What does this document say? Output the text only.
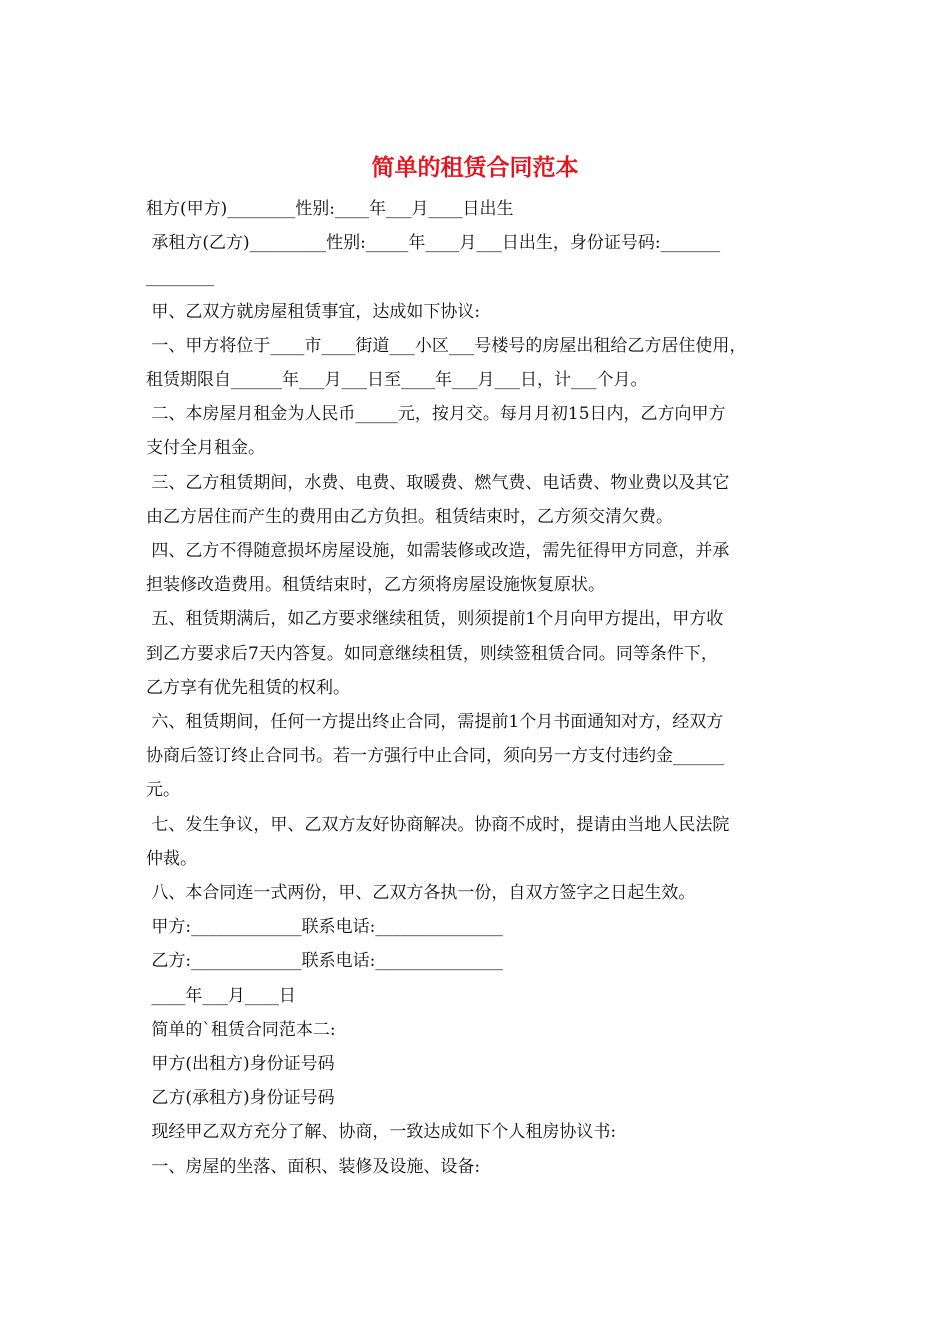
简单的租赁合同范本

租方(甲方)________性别:____年___月____日出生

承租方(乙方)_________性别:_____年____月___日出生，身份证号码:_______

________

甲、乙双方就房屋租赁事宜，达成如下协议:

一、甲方将位于____市____街道___小区___号楼号的房屋出租给乙方居住使用，

租赁期限自______年___月___日至____年___月___日，计___个月。

二、本房屋月租金为人民币_____元，按月交。每月月初15日内，乙方向甲方

支付全月租金。

三、乙方租赁期间，水费、电费、取暖费、燃气费、电话费、物业费以及其它

由乙方居住而产生的费用由乙方负担。租赁结束时，乙方须交清欠费。

四、乙方不得随意损坏房屋设施，如需装修或改造，需先征得甲方同意，并承

担装修改造费用。租赁结束时，乙方须将房屋设施恢复原状。

五、租赁期满后，如乙方要求继续租赁，则须提前1个月向甲方提出，甲方收

到乙方要求后7天内答复。如同意继续租赁，则续签租赁合同。同等条件下，

乙方享有优先租赁的权利。

六、租赁期间，任何一方提出终止合同，需提前1个月书面通知对方，经双方

协商后签订终止合同书。若一方强行中止合同，须向另一方支付违约金______

元。

七、发生争议，甲、乙双方友好协商解决。协商不成时，提请由当地人民法院

仲裁。

八、本合同连一式两份，甲、乙双方各执一份，自双方签字之日起生效。

甲方:_____________联系电话:_______________

乙方:_____________联系电话:_______________

____年___月____日

简单的`租赁合同范本二:

甲方(出租方)身份证号码

乙方(承租方)身份证号码

现经甲乙双方充分了解、协商，一致达成如下个人租房协议书:

一、房屋的坐落、面积、装修及设施、设备:
